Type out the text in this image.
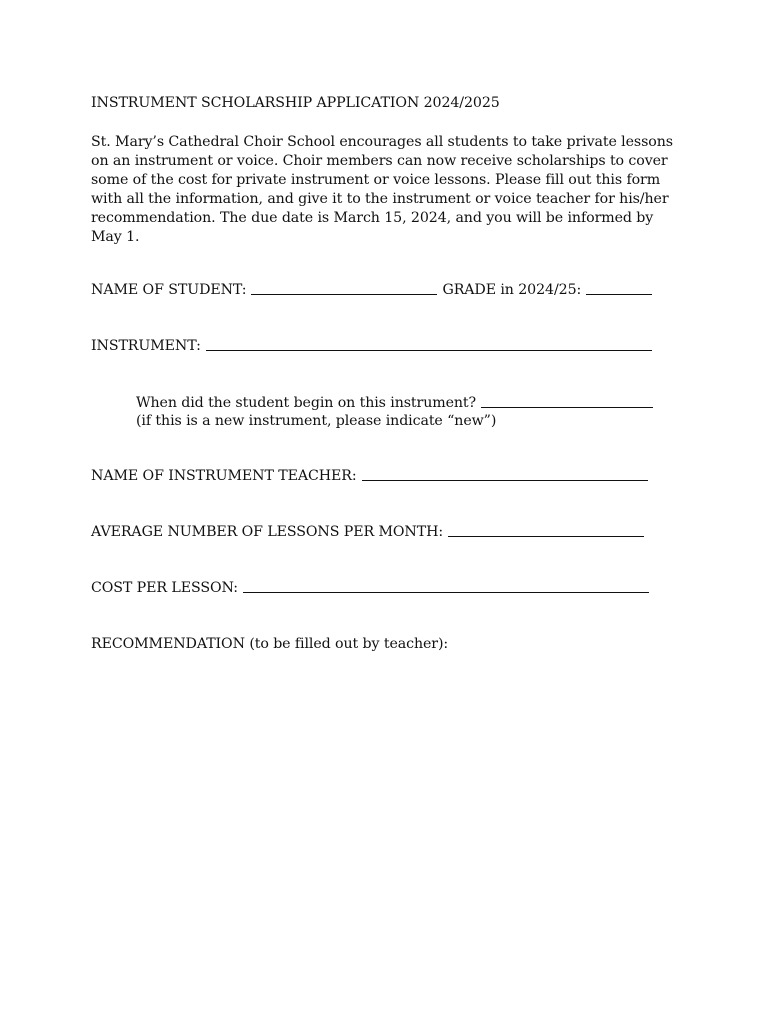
INSTRUMENT SCHOLARSHIP APPLICATION 2024/2025
St. Mary’s Cathedral Choir School encourages all students to take private lessons on an instrument or voice. Choir members can now receive scholarships to cover some of the cost for private instrument or voice lessons. Please fill out this form with all the information, and give it to the instrument or voice teacher for his/her recommendation. The due date is March 15, 2024, and you will be informed by May 1.
NAME OF STUDENT:	GRADE in 2024/25:
INSTRUMENT:
When did the student begin on this instrument?
(if this is a new instrument, please indicate “new”)
NAME OF INSTRUMENT TEACHER:
AVERAGE NUMBER OF LESSONS PER MONTH:
COST PER LESSON:
RECOMMENDATION (to be filled out by teacher):
